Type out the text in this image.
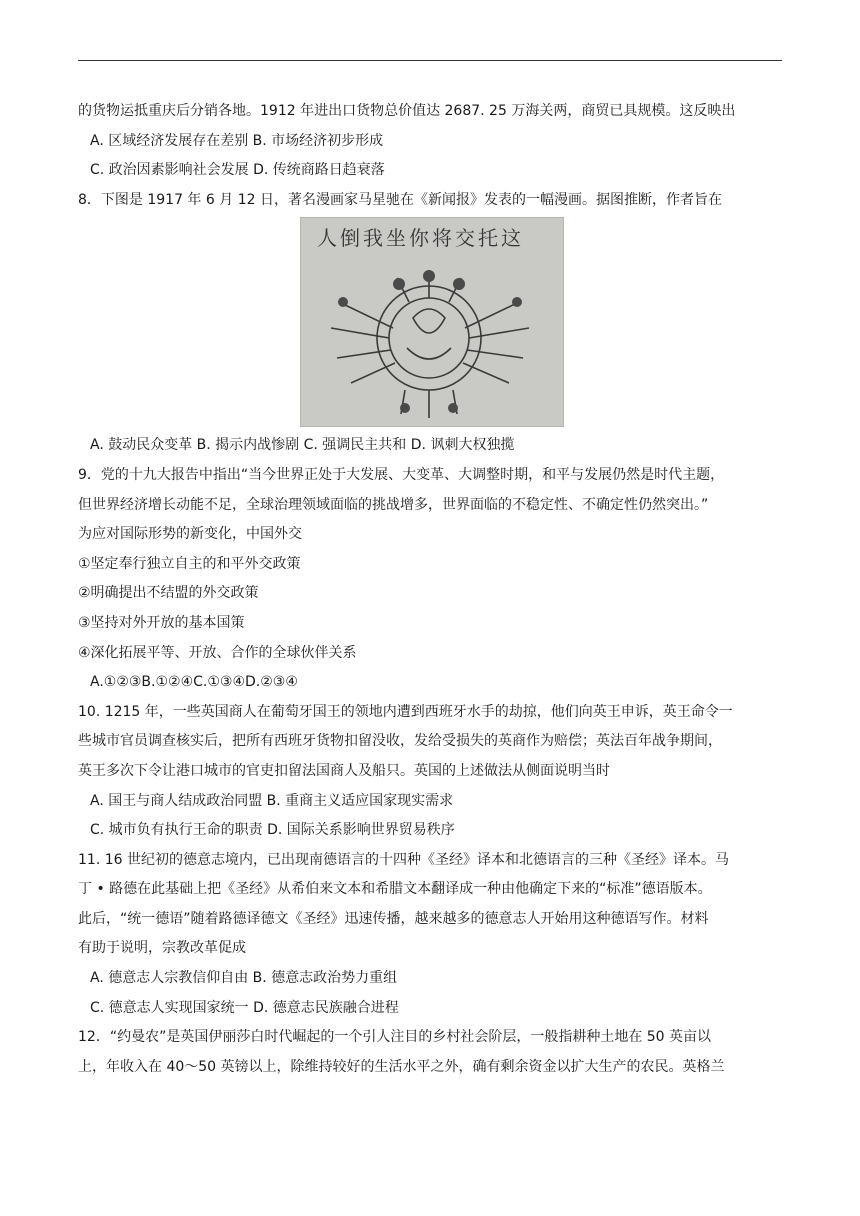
的货物运抵重庆后分销各地。1912 年进出口货物总价值达 2687. 25 万海关两，商贸已具规模。这反映出
A. 区域经济发展存在差别 B. 市场经济初步形成
C. 政治因素影响社会发展 D. 传统商路日趋衰落
8．下图是 1917 年 6 月 12 日，著名漫画家马星驰在《新闻报》发表的一幅漫画。据图推断，作者旨在
人倒我坐你将交托这
A. 鼓动民众变革 B. 揭示内战惨剧 C. 强调民主共和 D. 讽刺大权独揽
9．党的十九大报告中指出“当今世界正处于大发展、大变革、大调整时期，和平与发展仍然是时代主题，
但世界经济增长动能不足，全球治理领域面临的挑战增多，世界面临的不稳定性、不确定性仍然突出。”
为应对国际形势的新变化，中国外交
①坚定奉行独立自主的和平外交政策
②明确提出不结盟的外交政策
③坚持对外开放的基本国策
④深化拓展平等、开放、合作的全球伙伴关系
A.①②③B.①②④C.①③④D.②③④
10. 1215 年，一些英国商人在葡萄牙国王的领地内遭到西班牙水手的劫掠，他们向英王申诉，英王命令一
些城市官员调查核实后，把所有西班牙货物扣留没收，发给受损失的英商作为赔偿；英法百年战争期间，
英王多次下令让港口城市的官吏扣留法国商人及船只。英国的上述做法从侧面说明当时
A. 国王与商人结成政治同盟 B. 重商主义适应国家现实需求
C. 城市负有执行王命的职责 D. 国际关系影响世界贸易秩序
11. 16 世纪初的德意志境内，已出现南德语言的十四种《圣经》译本和北德语言的三种《圣经》译本。马
丁 • 路德在此基础上把《圣经》从希伯来文本和希腊文本翻译成一种由他确定下来的“标准”德语版本。
此后，“统一德语”随着路德译德文《圣经》迅速传播，越来越多的德意志人开始用这种德语写作。材料
有助于说明，宗教改革促成
A. 德意志人宗教信仰自由 B. 德意志政治势力重组
C. 德意志人实现国家统一 D. 德意志民族融合进程
12．“约曼农”是英国伊丽莎白时代崛起的一个引人注目的乡村社会阶层，一般指耕种土地在 50 英亩以
上，年收入在 40～50 英镑以上，除维持较好的生活水平之外，确有剩余资金以扩大生产的农民。英格兰
